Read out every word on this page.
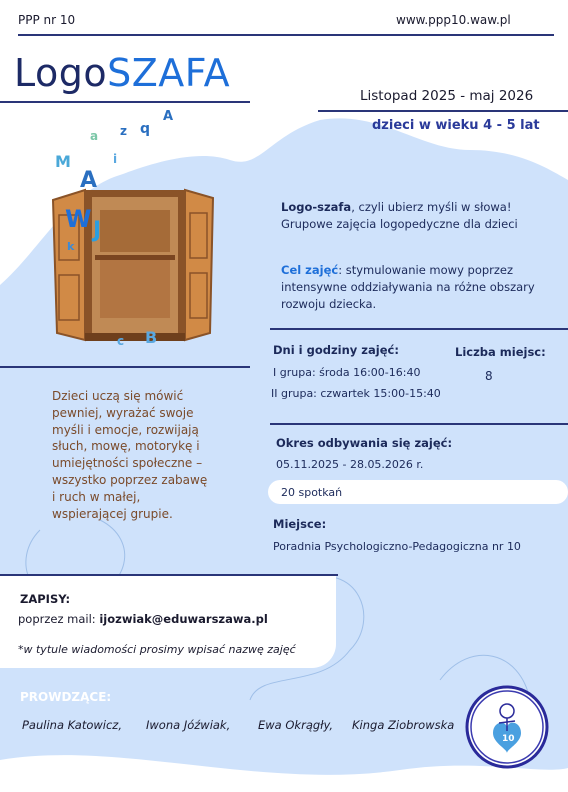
PPP nr 10	www.ppp10.waw.pl
LogoSZAFA
Listopad 2025 - maj 2026
dzieci w wieku 4 - 5 lat
M
a z q
A
A
i
W J
k
c B
Logo-szafa, czyli ubierz myśli w słowa!
Grupowe zajęcia logopedyczne dla dzieci
Cel zajęć: stymulowanie mowy poprzez
intensywne oddziaływania na różne obszary
rozwoju dziecka.
Dzieci uczą się mówić
pewniej, wyrażać swoje
myśli i emocje, rozwijają
słuch, mowę, motorykę i
umiejętności społeczne –
wszystko poprzez zabawę
i ruch w małej,
wspierającej grupie.
Dni i godziny zajęć:
I grupa: środa 16:00-16:40
II grupa: czwartek 15:00-15:40
Liczba miejsc:
8
Okres odbywania się zajęć:
05.11.2025 - 28.05.2026 r.
20 spotkań
Miejsce:
Poradnia Psychologiczno-Pedagogiczna nr 10
ZAPISY:
poprzez mail: ijozwiak@eduwarszawa.pl
*w tytule wiadomości prosimy wpisać nazwę zajęć
PROWDZĄCE:
Paulina Katowicz, Iwona Jóźwiak, Ewa Okrągły, Kinga Ziobrowska
10
